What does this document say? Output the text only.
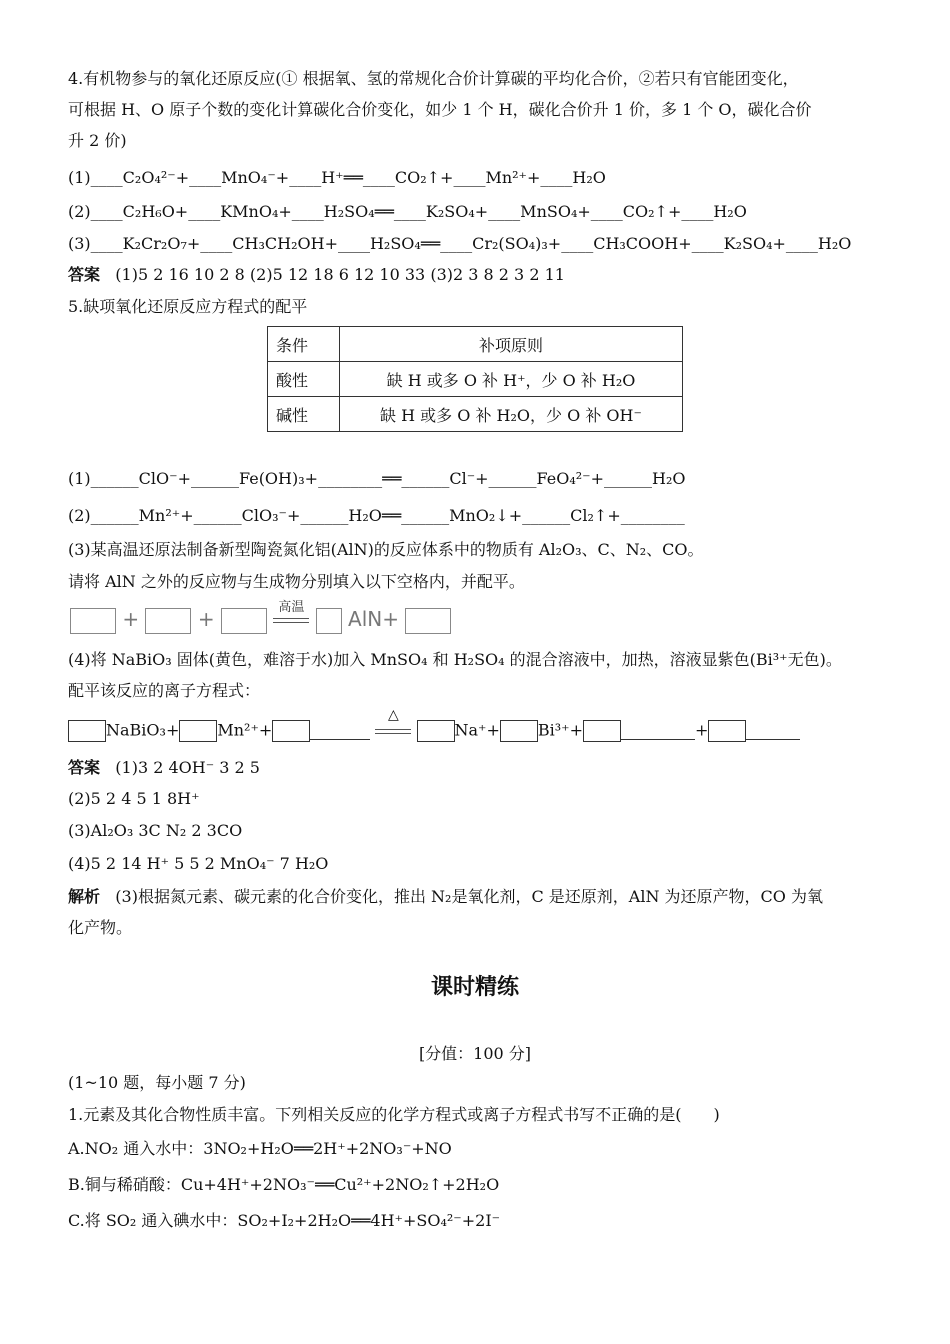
4.有机物参与的氧化还原反应(① 根据氧、氢的常规化合价计算碳的平均化合价，②若只有官能团变化，
可根据 H、O 原子个数的变化计算碳化合价变化，如少 1 个 H，碳化合价升 1 价，多 1 个 O，碳化合价
升 2 价)
(1)____C₂O₄²⁻+____MnO₄⁻+____H⁺══____CO₂↑+____Mn²⁺+____H₂O
(2)____C₂H₆O+____KMnO₄+____H₂SO₄══____K₂SO₄+____MnSO₄+____CO₂↑+____H₂O
(3)____K₂Cr₂O₇+____CH₃CH₂OH+____H₂SO₄══____Cr₂(SO₄)₃+____CH₃COOH+____K₂SO₄+____H₂O
答案 (1)5 2 16 10 2 8 (2)5 12 18 6 12 10 33 (3)2 3 8 2 3 2 11
5.缺项氧化还原反应方程式的配平
条件	补项原则
酸性	缺 H 或多 O 补 H⁺，少 O 补 H₂O
碱性	缺 H 或多 O 补 H₂O，少 O 补 OH⁻
(1)______ClO⁻+______Fe(OH)₃+________══______Cl⁻+______FeO₄²⁻+______H₂O
(2)______Mn²⁺+______ClO₃⁻+______H₂O══______MnO₂↓+______Cl₂↑+________
(3)某高温还原法制备新型陶瓷氮化铝(AlN)的反应体系中的物质有 Al₂O₃、C、N₂、CO。
请将 AlN 之外的反应物与生成物分别填入以下空格内，并配平。
+	+	高温 AlN+
(4)将 NaBiO₃ 固体(黄色，难溶于水)加入 MnSO₄ 和 H₂SO₄ 的混合溶液中，加热，溶液显紫色(Bi³⁺无色)。
配平该反应的离子方程式：
NaBiO₃+ Mn²⁺+
△
Na⁺+ Bi³⁺+	+
答案 (1)3 2 4OH⁻ 3 2 5
(2)5 2 4 5 1 8H⁺
(3)Al₂O₃ 3C N₂ 2 3CO
(4)5 2 14 H⁺ 5 5 2 MnO₄⁻ 7 H₂O
解析 (3)根据氮元素、碳元素的化合价变化，推出 N₂是氧化剂，C 是还原剂，AlN 为还原产物，CO 为氧
化产物。
课时精练
[分值：100 分]
(1~10 题，每小题 7 分)
1.元素及其化合物性质丰富。下列相关反应的化学方程式或离子方程式书写不正确的是(　　)
A.NO₂ 通入水中：3NO₂+H₂O══2H⁺+2NO₃⁻+NO
B.铜与稀硝酸：Cu+4H⁺+2NO₃⁻══Cu²⁺+2NO₂↑+2H₂O
C.将 SO₂ 通入碘水中：SO₂+I₂+2H₂O══4H⁺+SO₄²⁻+2I⁻
